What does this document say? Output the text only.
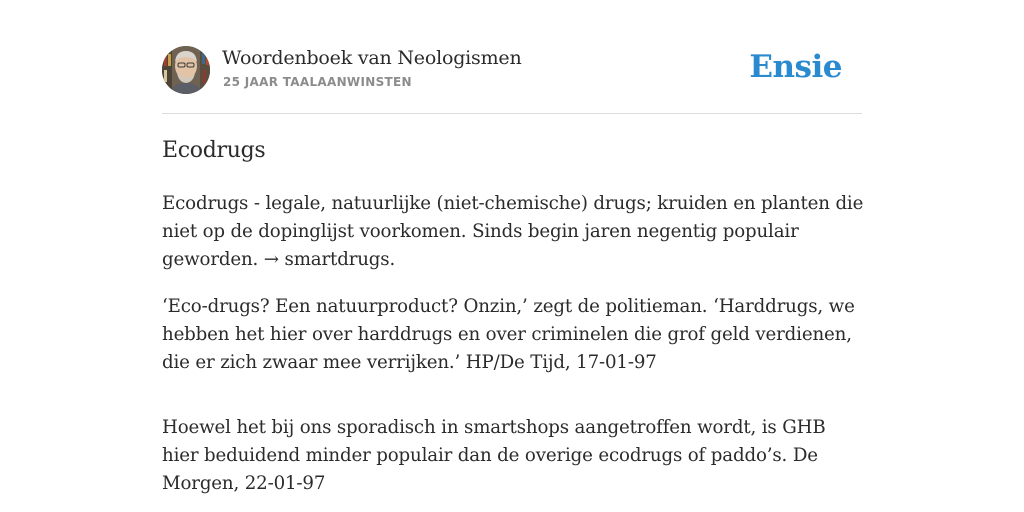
Woordenboek van Neologismen
25 JAAR TAALAANWINSTEN	Ensie
Ecodrugs

Ecodrugs - legale, natuurlijke (niet-chemische) drugs; kruiden en planten die niet op de dopinglijst voorkomen. Sinds begin jaren negentig populair geworden. → smartdrugs.

‘Eco-drugs? Een natuurproduct? Onzin,’ zegt de politieman. ‘Harddrugs, we hebben het hier over harddrugs en over criminelen die grof geld verdienen, die er zich zwaar mee verrijken.’ HP/De Tijd, 17-01-97

Hoewel het bij ons sporadisch in smartshops aangetroffen wordt, is GHB hier beduidend minder populair dan de overige ecodrugs of paddo’s. De Morgen, 22-01-97
